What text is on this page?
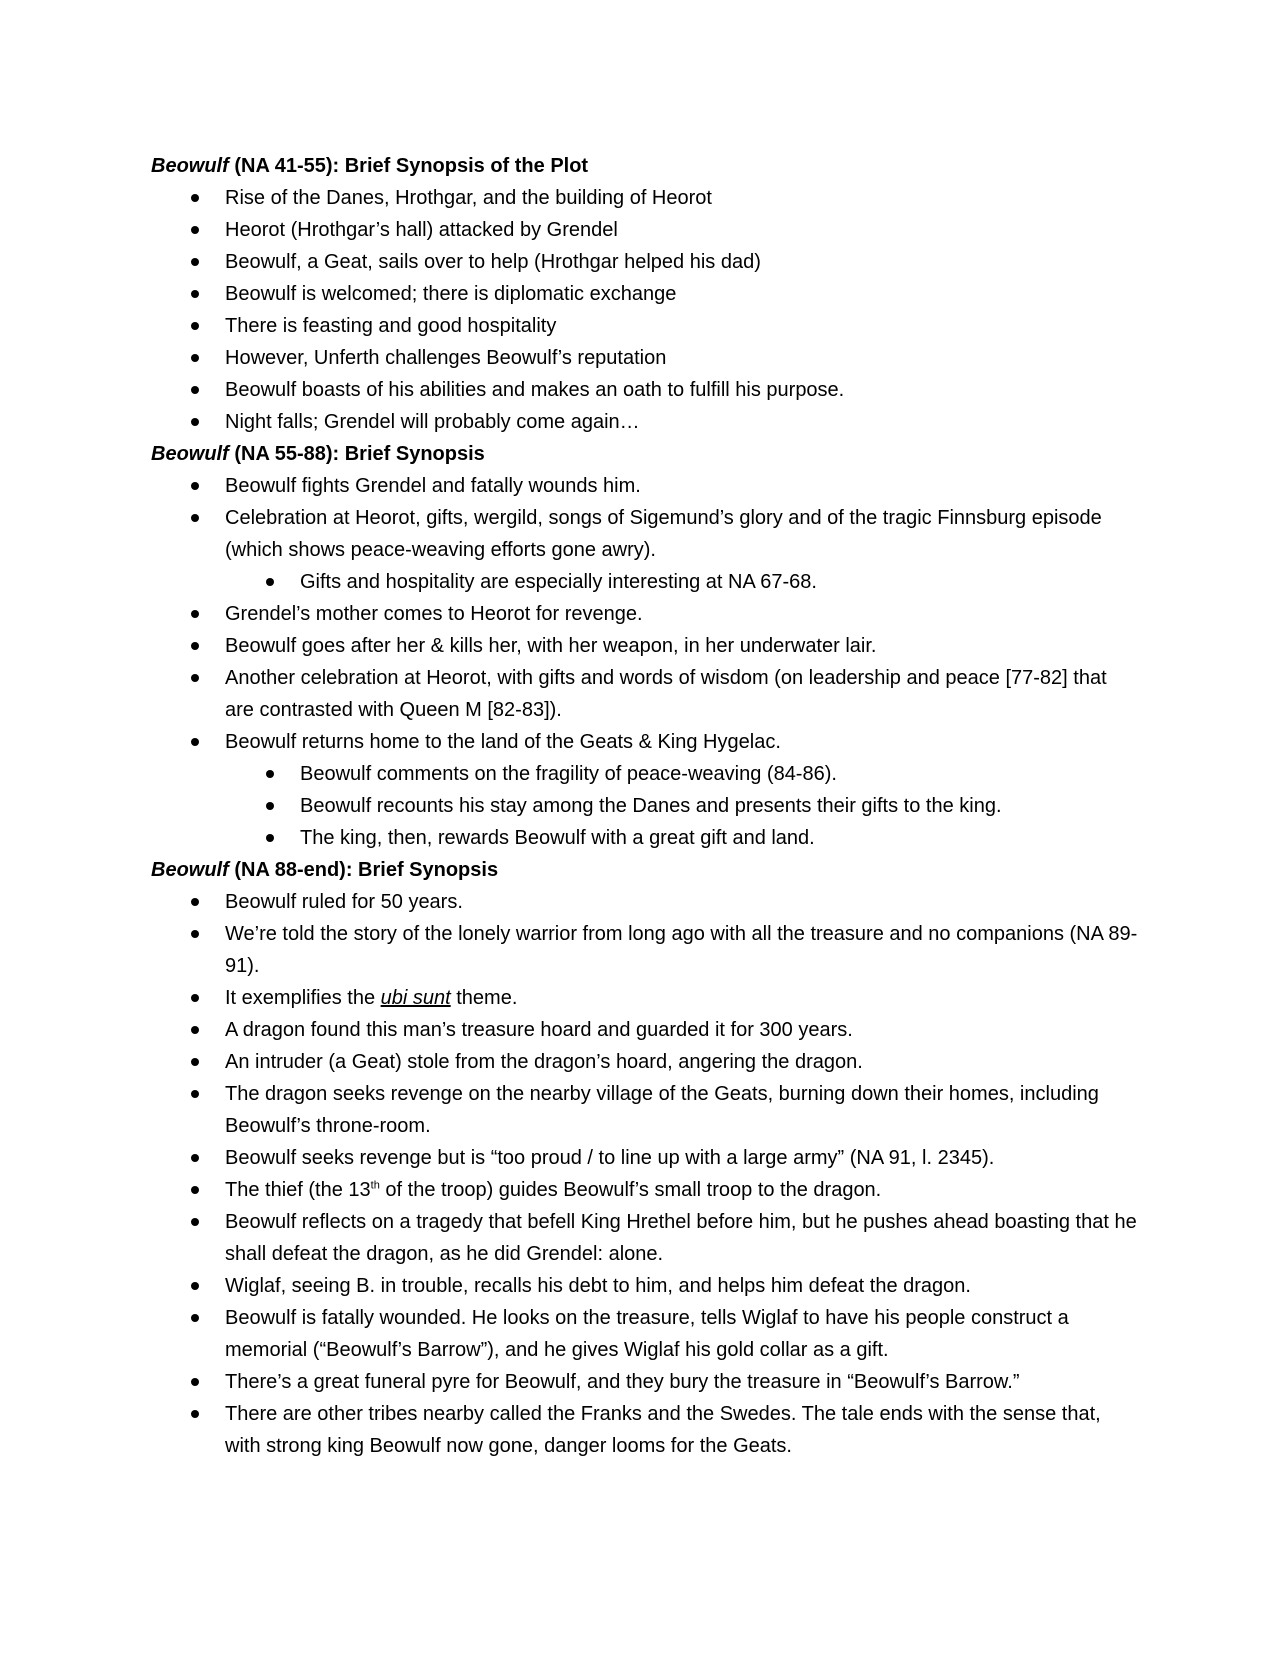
Beowulf (NA 41-55): Brief Synopsis of the Plot
Rise of the Danes, Hrothgar, and the building of Heorot
Heorot (Hrothgar’s hall) attacked by Grendel
Beowulf, a Geat, sails over to help (Hrothgar helped his dad)
Beowulf is welcomed; there is diplomatic exchange
There is feasting and good hospitality
However, Unferth challenges Beowulf’s reputation
Beowulf boasts of his abilities and makes an oath to fulfill his purpose.
Night falls; Grendel will probably come again…
Beowulf (NA 55-88): Brief Synopsis
Beowulf fights Grendel and fatally wounds him.
Celebration at Heorot, gifts, wergild, songs of Sigemund’s glory and of the tragic Finnsburg episode (which shows peace-weaving efforts gone awry).
Gifts and hospitality are especially interesting at NA 67-68.
Grendel’s mother comes to Heorot for revenge.
Beowulf goes after her & kills her, with her weapon, in her underwater lair.
Another celebration at Heorot, with gifts and words of wisdom (on leadership and peace [77-82] that are contrasted with Queen M [82-83]).
Beowulf returns home to the land of the Geats & King Hygelac.
Beowulf comments on the fragility of peace-weaving (84-86).
Beowulf recounts his stay among the Danes and presents their gifts to the king.
The king, then, rewards Beowulf with a great gift and land.
Beowulf (NA 88-end): Brief Synopsis
Beowulf ruled for 50 years.
We’re told the story of the lonely warrior from long ago with all the treasure and no companions (NA 89-91).
It exemplifies the ubi sunt theme.
A dragon found this man’s treasure hoard and guarded it for 300 years.
An intruder (a Geat) stole from the dragon’s hoard, angering the dragon.
The dragon seeks revenge on the nearby village of the Geats, burning down their homes, including Beowulf’s throne-room.
Beowulf seeks revenge but is “too proud / to line up with a large army” (NA 91, l. 2345).
The thief (the 13th of the troop) guides Beowulf’s small troop to the dragon.
Beowulf reflects on a tragedy that befell King Hrethel before him, but he pushes ahead boasting that he shall defeat the dragon, as he did Grendel: alone.
Wiglaf, seeing B. in trouble, recalls his debt to him, and helps him defeat the dragon.
Beowulf is fatally wounded. He looks on the treasure, tells Wiglaf to have his people construct a memorial (“Beowulf’s Barrow”), and he gives Wiglaf his gold collar as a gift.
There’s a great funeral pyre for Beowulf, and they bury the treasure in “Beowulf’s Barrow.”
There are other tribes nearby called the Franks and the Swedes. The tale ends with the sense that, with strong king Beowulf now gone, danger looms for the Geats.
